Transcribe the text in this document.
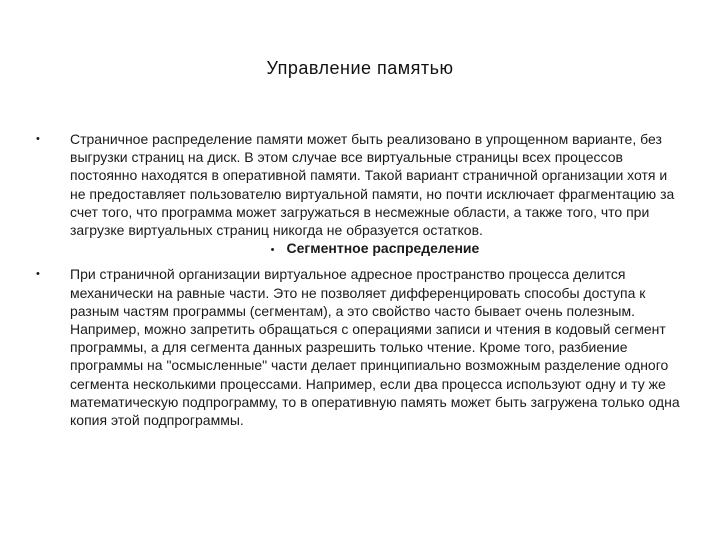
Управление памятью
• Страничное распределение памяти может быть реализовано в упрощенном варианте, без выгрузки страниц на диск. В этом случае все виртуальные страницы всех процессов постоянно находятся в оперативной памяти. Такой вариант страничной организации хотя и не предоставляет пользователю виртуальной памяти, но почти исключает фрагментацию за счет того, что программа может загружаться в несмежные области, а также того, что при загрузке виртуальных страниц никогда не образуется остатков.
• Сегментное распределение
• При страничной организации виртуальное адресное пространство процесса делится механически на равные части. Это не позволяет дифференцировать способы доступа к разным частям программы (сегментам), а это свойство часто бывает очень полезным. Например, можно запретить обращаться с операциями записи и чтения в кодовый сегмент программы, а для сегмента данных разрешить только чтение. Кроме того, разбиение программы на "осмысленные" части делает принципиально возможным разделение одного сегмента несколькими процессами. Например, если два процесса используют одну и ту же математическую подпрограмму, то в оперативную память может быть загружена только одна копия этой подпрограммы.
